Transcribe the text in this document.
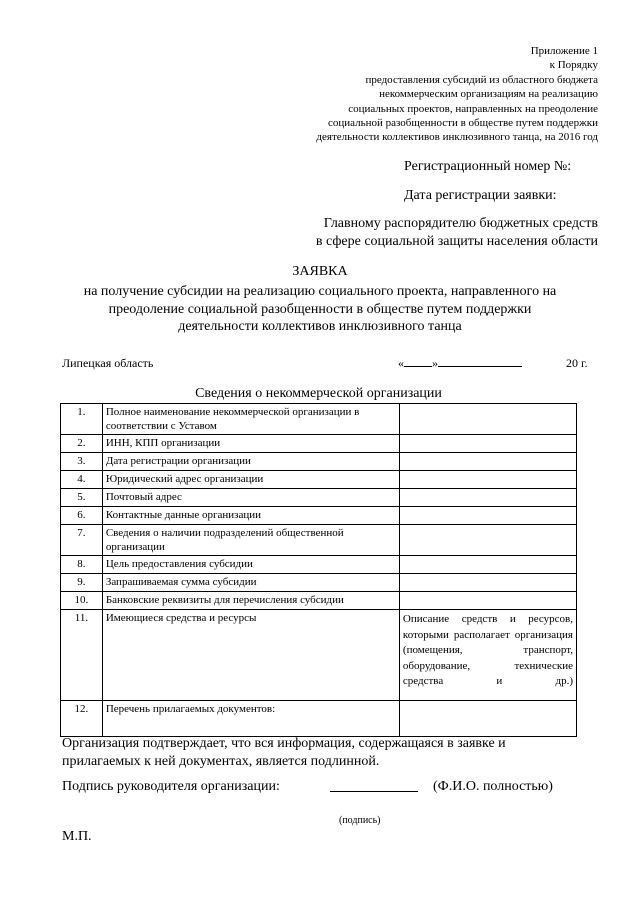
Приложение 1
к Порядку
предоставления субсидий из областного бюджета
некоммерческим организациям на реализацию
социальных проектов, направленных на преодоление
социальной разобщенности в обществе путем поддержки
деятельности коллективов инклюзивного танца, на 2016 год
Регистрационный номер №:
Дата регистрации заявки:
Главному распорядителю бюджетных средств
в сфере социальной защиты населения области
ЗАЯВКА
на получение субсидии на реализацию социального проекта, направленного на
преодоление социальной разобщенности в обществе путем поддержки
деятельности коллективов инклюзивного танца
Липецкая область	« »	20 г.
Сведения о некоммерческой организации
1.	Полное наименование некоммерческой организации в соответствии с Уставом	
2.	ИНН, КПП организации	
3.	Дата регистрации организации	
4.	Юридический адрес организации	
5.	Почтовый адрес	
6.	Контактные данные организации	
7.	Сведения о наличии подразделений общественной организации	
8.	Цель предоставления субсидии	
9.	Запрашиваемая сумма субсидии	
10.	Банковские реквизиты для перечисления субсидии	
11.	Имеющиеся средства и ресурсы	Описание средств и ресурсов, которыми располагает организация (помещения, транспорт, оборудование, технические средства и др.)
12.	Перечень прилагаемых документов:	
Организация подтверждает, что вся информация, содержащаяся в заявке и
прилагаемых к ней документах, является подлинной.
Подпись руководителя организации:	(Ф.И.О. полностью)
(подпись)
М.П.
